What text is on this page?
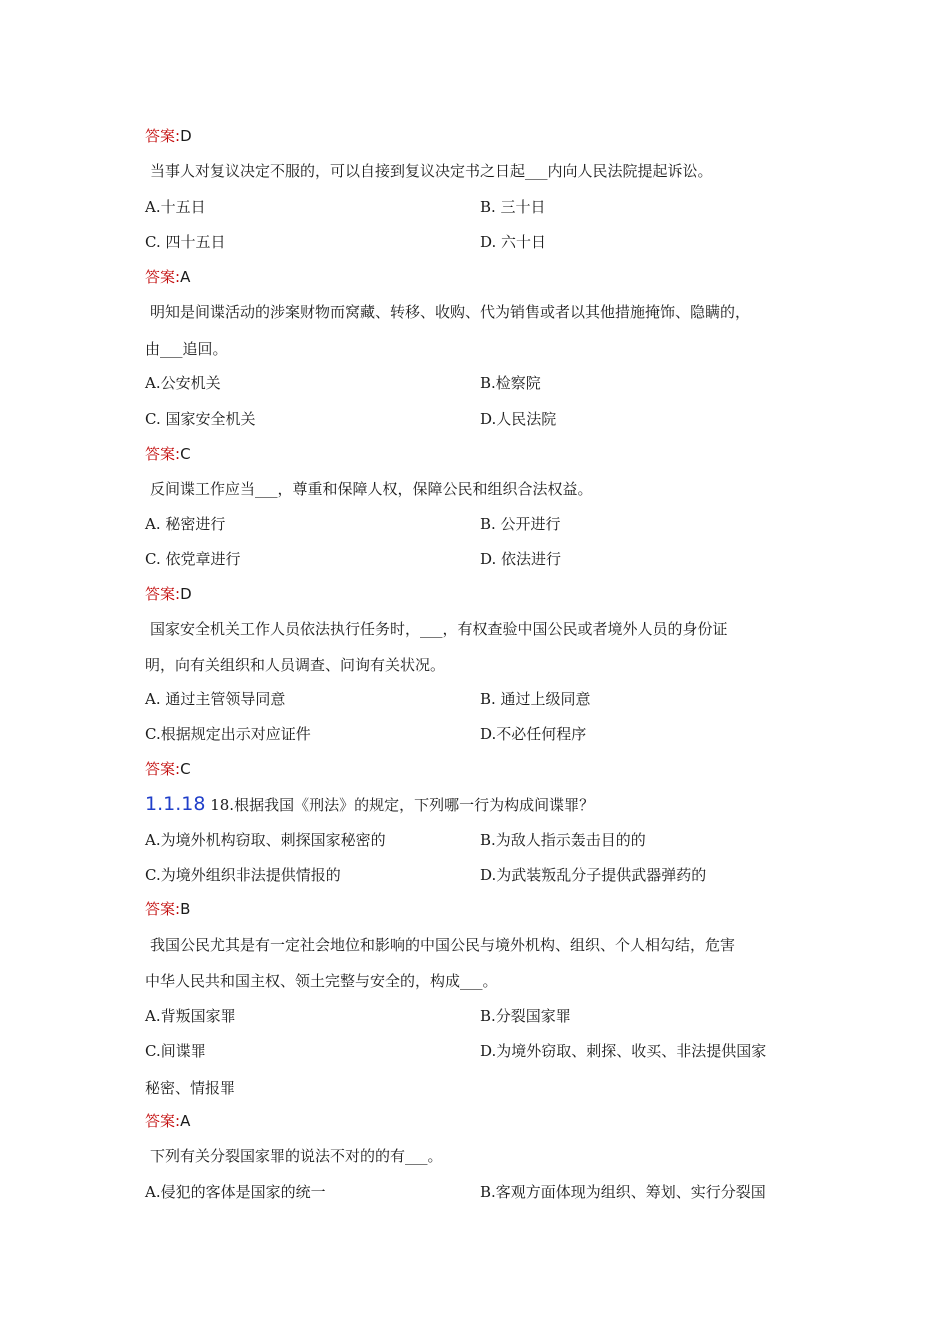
答案:D
当事人对复议决定不服的，可以自接到复议决定书之日起___内向人民法院提起诉讼。
A.十五日	B. 三十日
C. 四十五日	D. 六十日
答案:A
明知是间谍活动的涉案财物而窝藏、转移、收购、代为销售或者以其他措施掩饰、隐瞒的，
由___追回。
A.公安机关	B.检察院
C. 国家安全机关	D.人民法院
答案:C
反间谍工作应当___，尊重和保障人权，保障公民和组织合法权益。
A. 秘密进行	B. 公开进行
C. 依党章进行	D. 依法进行
答案:D
国家安全机关工作人员依法执行任务时，___，有权查验中国公民或者境外人员的身份证
明，向有关组织和人员调查、问询有关状况。
A. 通过主管领导同意	B. 通过上级同意
C.根据规定出示对应证件	D.不必任何程序
答案:C
1.1.18 18.根据我国《刑法》的规定，下列哪一行为构成间谍罪？
A.为境外机构窃取、刺探国家秘密的	B.为敌人指示轰击目的的
C.为境外组织非法提供情报的	D.为武装叛乱分子提供武器弹药的
答案:B
我国公民尤其是有一定社会地位和影响的中国公民与境外机构、组织、个人相勾结，危害
中华人民共和国主权、领土完整与安全的，构成___。
A.背叛国家罪	B.分裂国家罪
C.间谍罪	D.为境外窃取、刺探、收买、非法提供国家
秘密、情报罪
答案:A
下列有关分裂国家罪的说法不对的的有___。
A.侵犯的客体是国家的统一	B.客观方面体现为组织、筹划、实行分裂国
